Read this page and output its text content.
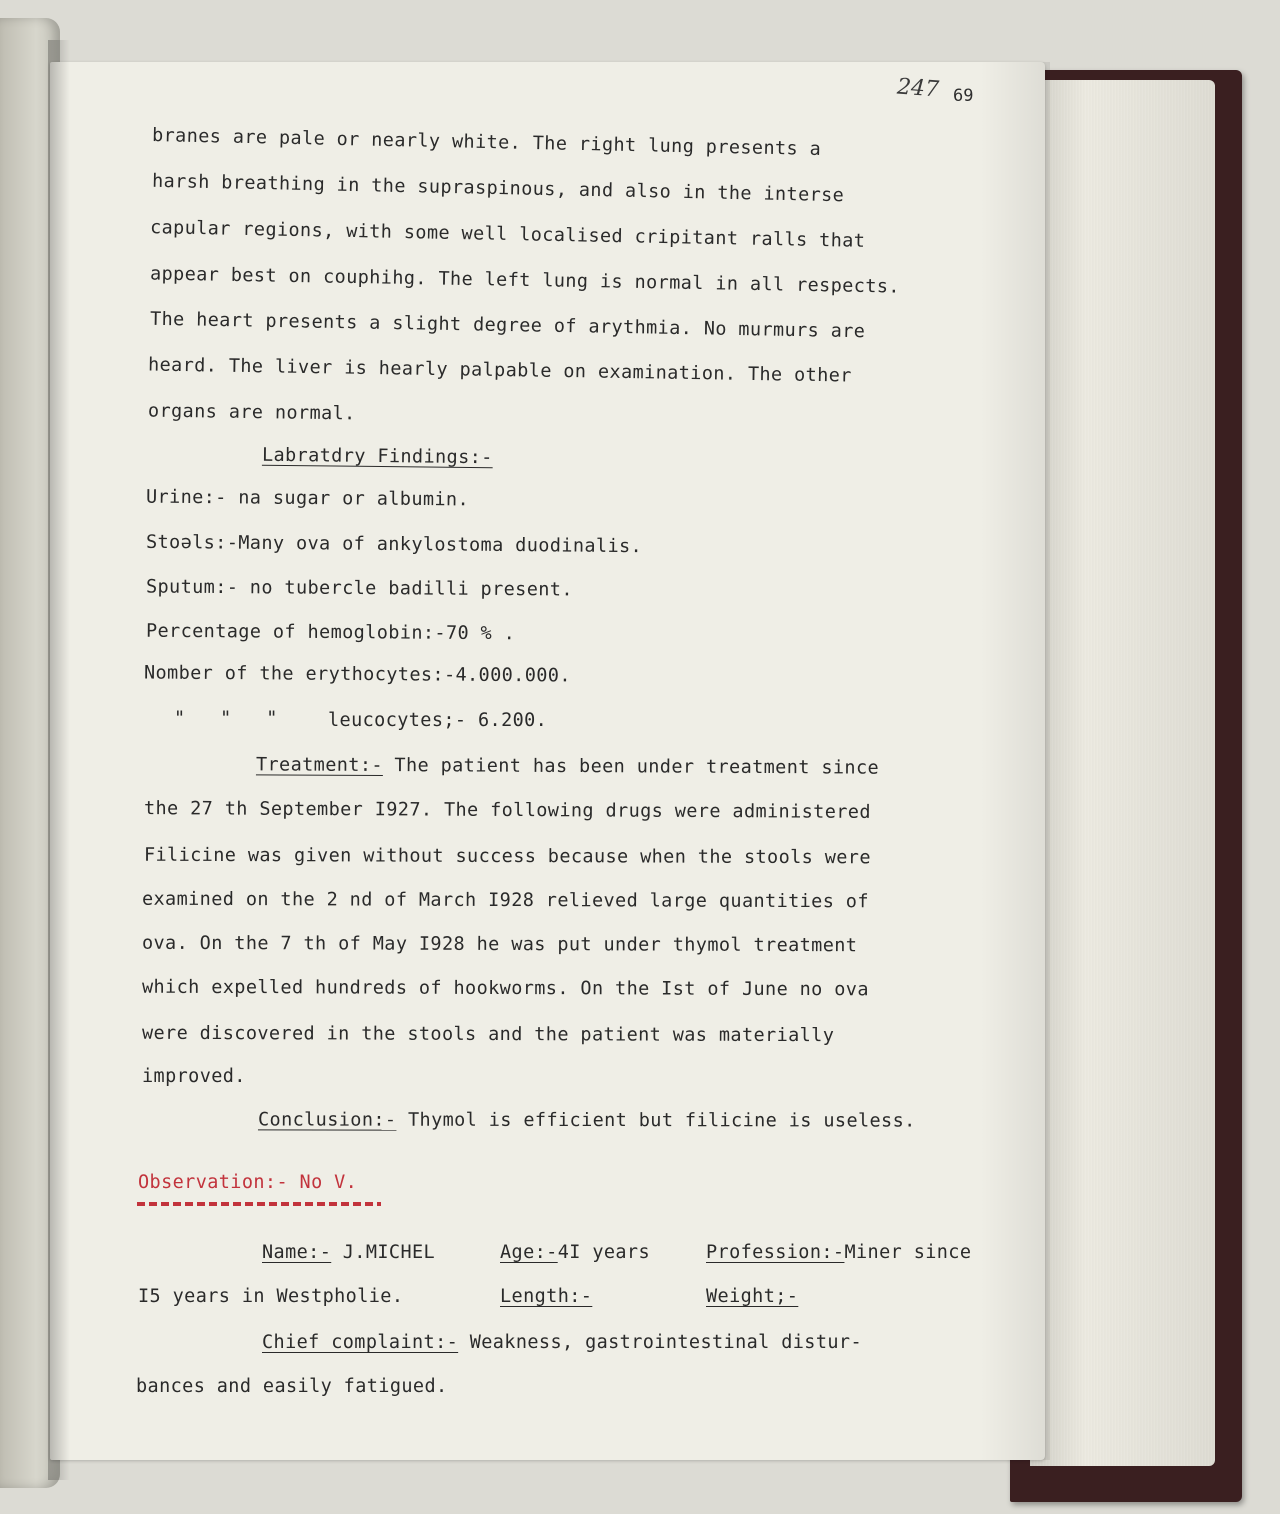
247 69
branes are pale or nearly white. The right lung presents a
harsh breathing in the supraspinous, and also in the interse
capular regions, with some well localised cripitant ralls that
appear best on couphihg. The left lung is normal in all respects.
The heart presents a slight degree of arythmia. No murmurs are
heard. The liver is hearly palpable on examination. The other
organs are normal.
Labratdry Findings:-
Urine:- na sugar or albumin.
Stoəls:-Many ova of ankylostoma duodinalis.
Sputum:- no tubercle badilli present.
Percentage of hemoglobin:-70 % .
Nomber of the erythocytes:-4.000.000.
"   "   "	leucocytes;- 6.200.
Treatment:- The patient has been under treatment since
the 27 th September I927. The following drugs were administered
Filicine was given without success because when the stools were
examined on the 2 nd of March I928 relieved large quantities of
ova. On the 7 th of May I928 he was put under thymol treatment
which expelled hundreds of hookworms. On the Ist of June no ova
were discovered in the stools and the patient was materially
improved.
Conclusion:- Thymol is efficient but filicine is useless.
Observation:- No V.
Name:- J.MICHEL	Age:-4I years	Profession:-Miner since
I5 years in Westpholie.	Length:-	Weight;-
Chief complaint:- Weakness, gastrointestinal distur-
bances and easily fatigued.
